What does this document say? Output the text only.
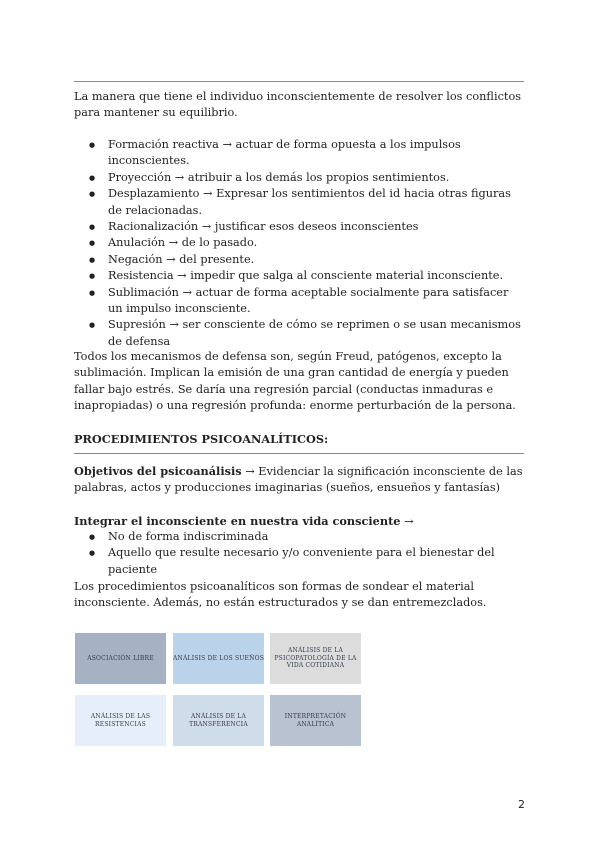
La manera que tiene el individuo inconscientemente de resolver los conflictos para mantener su equilibrio.
● Formación reactiva → actuar de forma opuesta a los impulsos inconscientes.
● Proyección → atribuir a los demás los propios sentimientos.
● Desplazamiento → Expresar los sentimientos del id hacia otras figuras de relacionadas.
● Racionalización → justificar esos deseos inconscientes
● Anulación → de lo pasado.
● Negación → del presente.
● Resistencia → impedir que salga al consciente material inconsciente.
● Sublimación → actuar de forma aceptable socialmente para satisfacer un impulso inconsciente.
● Supresión → ser consciente de cómo se reprimen o se usan mecanismos de defensa
Todos los mecanismos de defensa son, según Freud, patógenos, excepto la sublimación. Implican la emisión de una gran cantidad de energía y pueden fallar bajo estrés. Se daría una regresión parcial (conductas inmaduras e inapropiadas) o una regresión profunda: enorme perturbación de la persona.
PROCEDIMIENTOS PSICOANALÍTICOS:
Objetivos del psicoanálisis → Evidenciar la significación inconsciente de las palabras, actos y producciones imaginarias (sueños, ensueños y fantasías)
Integrar el inconsciente en nuestra vida consciente →
● No de forma indiscriminada
● Aquello que resulte necesario y/o conveniente para el bienestar del paciente
Los procedimientos psicoanalíticos son formas de sondear el material inconsciente. Además, no están estructurados y se dan entremezclados.
ASOCIACIÓN LIBRE	ANÁLISIS DE LOS SUEÑOS
ANÁLISIS DE LA PSICOPATOLOGÍA DE LA VIDA COTIDIANA
ANÁLISIS DE LAS RESISTENCIAS
ANÁLISIS DE LA TRANSFERENCIA
INTERPRETACIÓN ANALÍTICA
2
